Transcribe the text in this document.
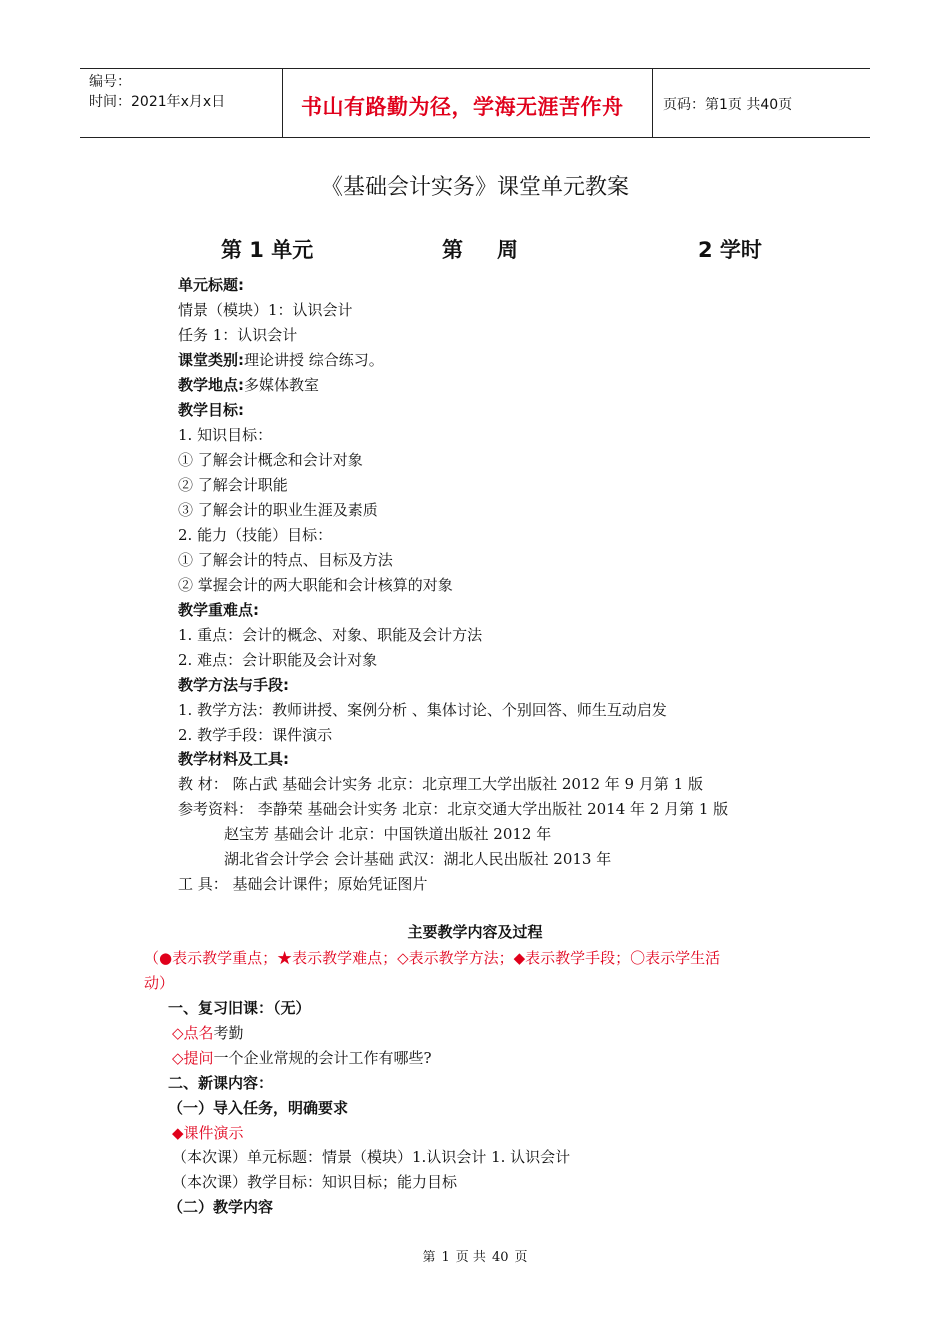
编号：
时间：2021年x月x日	书山有路勤为径，学海无涯苦作舟	页码：第1页 共40页
《基础会计实务》课堂单元教案
第 1 单元	第 周	2 学时
单元标题:
情景（模块）1：认识会计
任务 1：认识会计
课堂类别:理论讲授 综合练习。
教学地点:多媒体教室
教学目标:
1. 知识目标：
① 了解会计概念和会计对象
② 了解会计职能
③ 了解会计的职业生涯及素质
2. 能力（技能）目标：
① 了解会计的特点、目标及方法
② 掌握会计的两大职能和会计核算的对象
教学重难点:
1. 重点：会计的概念、对象、职能及会计方法
2. 难点：会计职能及会计对象
教学方法与手段:
1. 教学方法：教师讲授、案例分析 、集体讨论、个别回答、师生互动启发
2. 教学手段：课件演示
教学材料及工具:
教 材： 陈占武 基础会计实务 北京：北京理工大学出版社 2012 年 9 月第 1 版
参考资料： 李静荣 基础会计实务 北京：北京交通大学出版社 2014 年 2 月第 1 版
赵宝芳 基础会计 北京：中国铁道出版社 2012 年
湖北省会计学会 会计基础 武汉：湖北人民出版社 2013 年
工 具： 基础会计课件；原始凭证图片
主要教学内容及过程
（●表示教学重点；★表示教学难点；◇表示教学方法；◆表示教学手段；〇表示学生活
动）
一、复习旧课：（无）
◇点名考勤
◇提问一个企业常规的会计工作有哪些?
二、新课内容：
（一）导入任务，明确要求
◆课件演示
（本次课）单元标题：情景（模块）1.认识会计 1. 认识会计
（本次课）教学目标：知识目标；能力目标
（二）教学内容
第 1 页 共 40 页
